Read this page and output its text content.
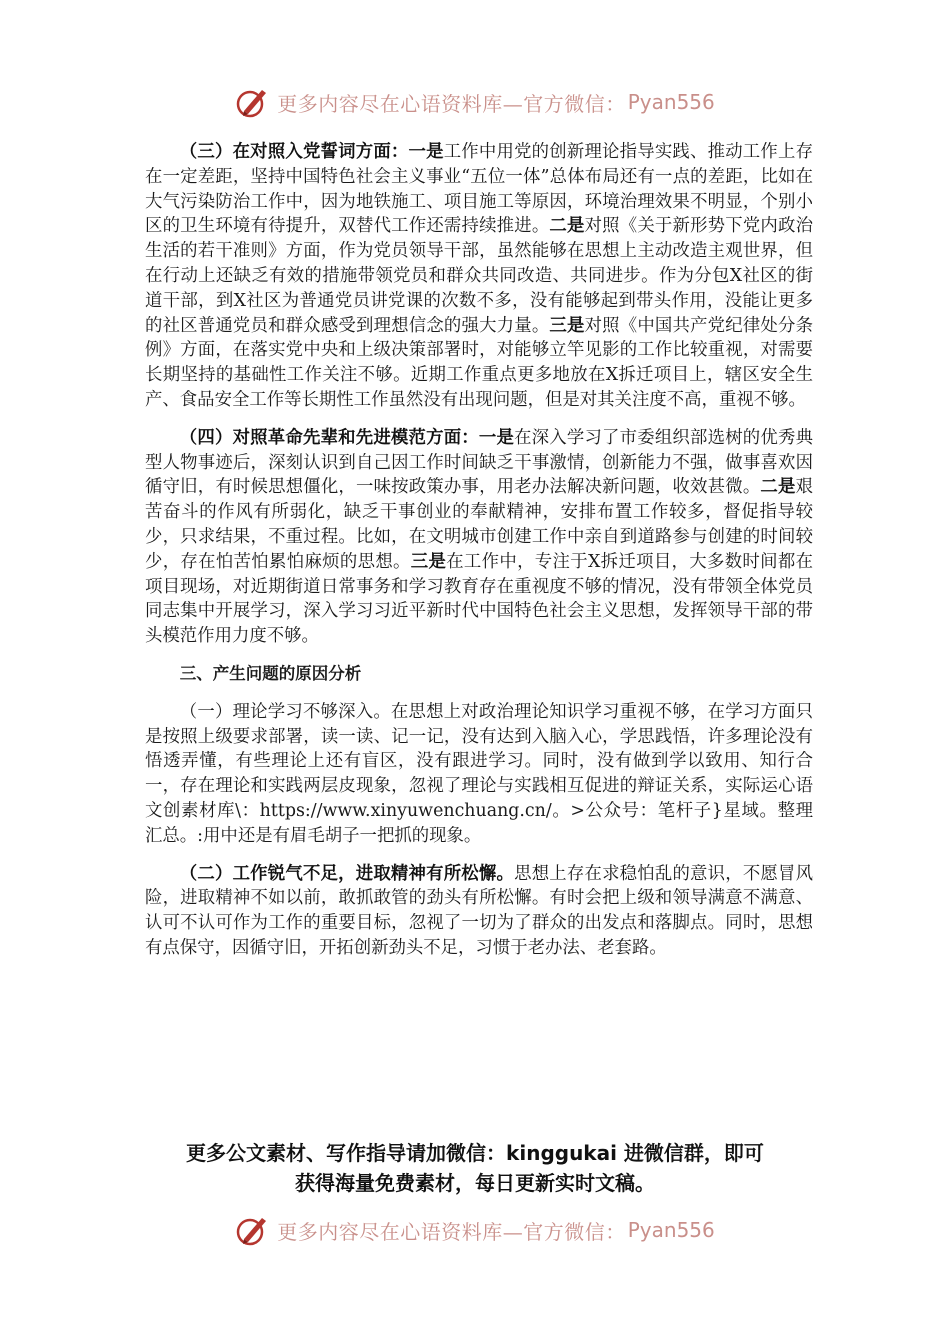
更多内容尽在心语资料库—官方微信： Pyan556

（三）在对照入党誓词方面：一是工作中用党的创新理论指导实践、推动工作上存在一定差距，坚持中国特色社会主义事业“五位一体”总体布局还有一点的差距，比如在大气污染防治工作中，因为地铁施工、项目施工等原因，环境治理效果不明显，个别小区的卫生环境有待提升，双替代工作还需持续推进。二是对照《关于新形势下党内政治生活的若干准则》方面，作为党员领导干部，虽然能够在思想上主动改造主观世界，但在行动上还缺乏有效的措施带领党员和群众共同改造、共同进步。作为分包X社区的街道干部，到X社区为普通党员讲党课的次数不多，没有能够起到带头作用，没能让更多的社区普通党员和群众感受到理想信念的强大力量。三是对照《中国共产党纪律处分条例》方面，在落实党中央和上级决策部署时，对能够立竿见影的工作比较重视，对需要长期坚持的基础性工作关注不够。近期工作重点更多地放在X拆迁项目上，辖区安全生产、食品安全工作等长期性工作虽然没有出现问题，但是对其关注度不高，重视不够。

（四）对照革命先辈和先进模范方面：一是在深入学习了市委组织部选树的优秀典型人物事迹后，深刻认识到自己因工作时间缺乏干事激情，创新能力不强，做事喜欢因循守旧，有时候思想僵化，一味按政策办事，用老办法解决新问题，收效甚微。二是艰苦奋斗的作风有所弱化，缺乏干事创业的奉献精神，安排布置工作较多，督促指导较少，只求结果，不重过程。比如，在文明城市创建工作中亲自到道路参与创建的时间较少，存在怕苦怕累怕麻烦的思想。三是在工作中，专注于X拆迁项目，大多数时间都在项目现场，对近期街道日常事务和学习教育存在重视度不够的情况，没有带领全体党员同志集中开展学习，深入学习习近平新时代中国特色社会主义思想，发挥领导干部的带头模范作用力度不够。

三、产生问题的原因分析

（一）理论学习不够深入。在思想上对政治理论知识学习重视不够，在学习方面只是按照上级要求部署，读一读、记一记，没有达到入脑入心，学思践悟，许多理论没有悟透弄懂，有些理论上还有盲区，没有跟进学习。同时，没有做到学以致用、知行合一，存在理论和实践两层皮现象，忽视了理论与实践相互促进的辩证关系，实际运心语文创素材库\：https://www.xinyuwenchuang.cn/。>公众号：笔杆子}星域。整理汇总。:用中还是有眉毛胡子一把抓的现象。

（二）工作锐气不足，进取精神有所松懈。思想上存在求稳怕乱的意识，不愿冒风险，进取精神不如以前，敢抓敢管的劲头有所松懈。有时会把上级和领导满意不满意、认可不认可作为工作的重要目标，忽视了一切为了群众的出发点和落脚点。同时，思想有点保守，因循守旧，开拓创新劲头不足，习惯于老办法、老套路。

更多公文素材、写作指导请加微信：kinggukai 进微信群，即可
获得海量免费素材，每日更新实时文稿。
更多内容尽在心语资料库—官方微信： Pyan556
